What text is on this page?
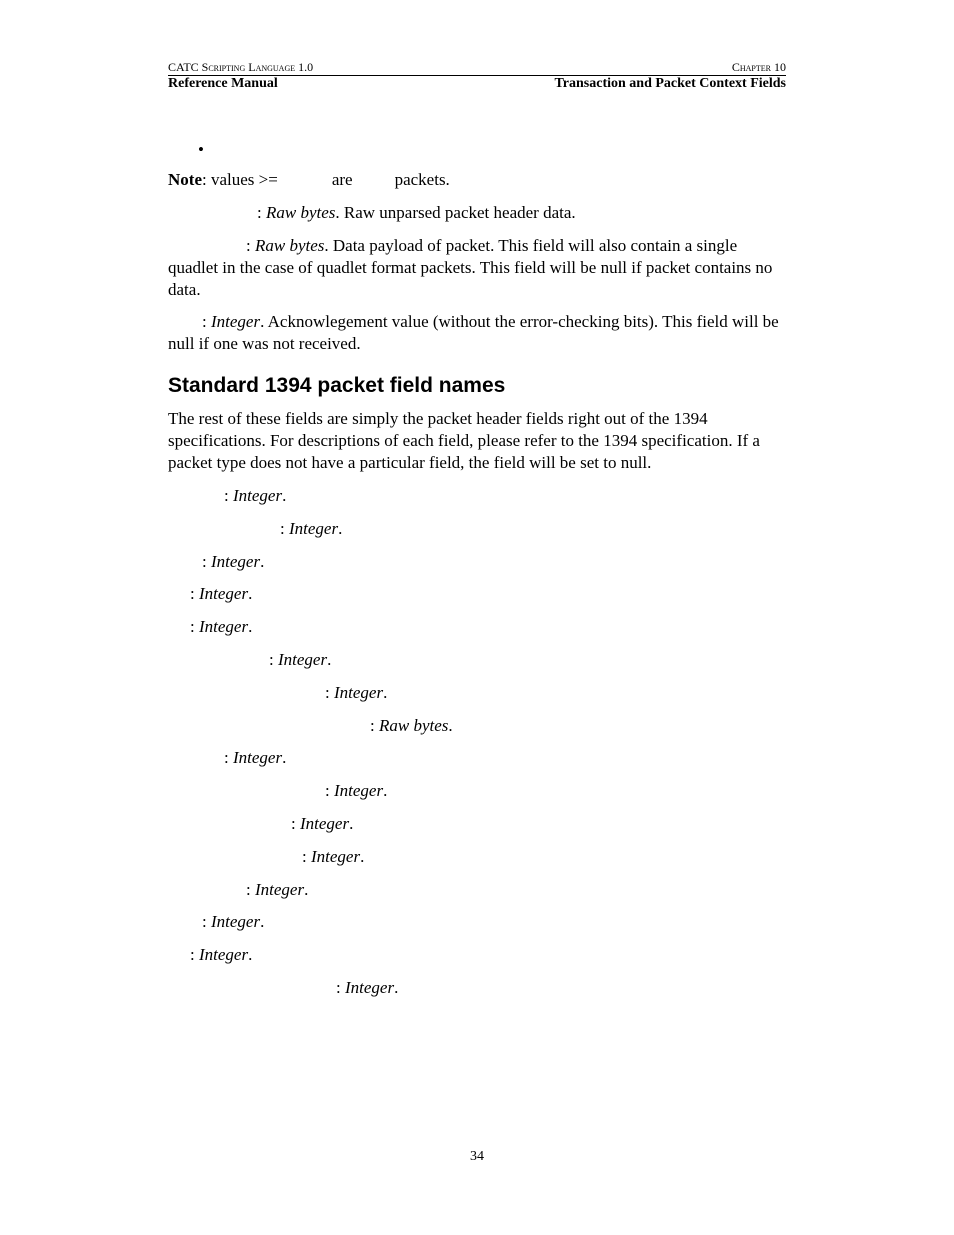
CATC Scripting Language 1.0	Chapter 10
Reference Manual	Transaction and Packet Context Fields
•
Note: values >=	are packets.
: Raw bytes. Raw unparsed packet header data.
: Raw bytes. Data payload of packet. This field will also contain a single quadlet in the case of quadlet format packets. This field will be null if packet contains no data.
: Integer. Acknowlegement value (without the error-checking bits). This field will be null if one was not received.
Standard 1394 packet field names
The rest of these fields are simply the packet header fields right out of the 1394 specifications. For descriptions of each field, please refer to the 1394 specification. If a packet type does not have a particular field, the field will be set to null.
: Integer.
: Integer.
: Integer.
: Integer.
: Integer.
: Integer.
: Integer.
: Raw bytes.
: Integer.
: Integer.
: Integer.
: Integer.
: Integer.
: Integer.
: Integer.
: Integer.
34
